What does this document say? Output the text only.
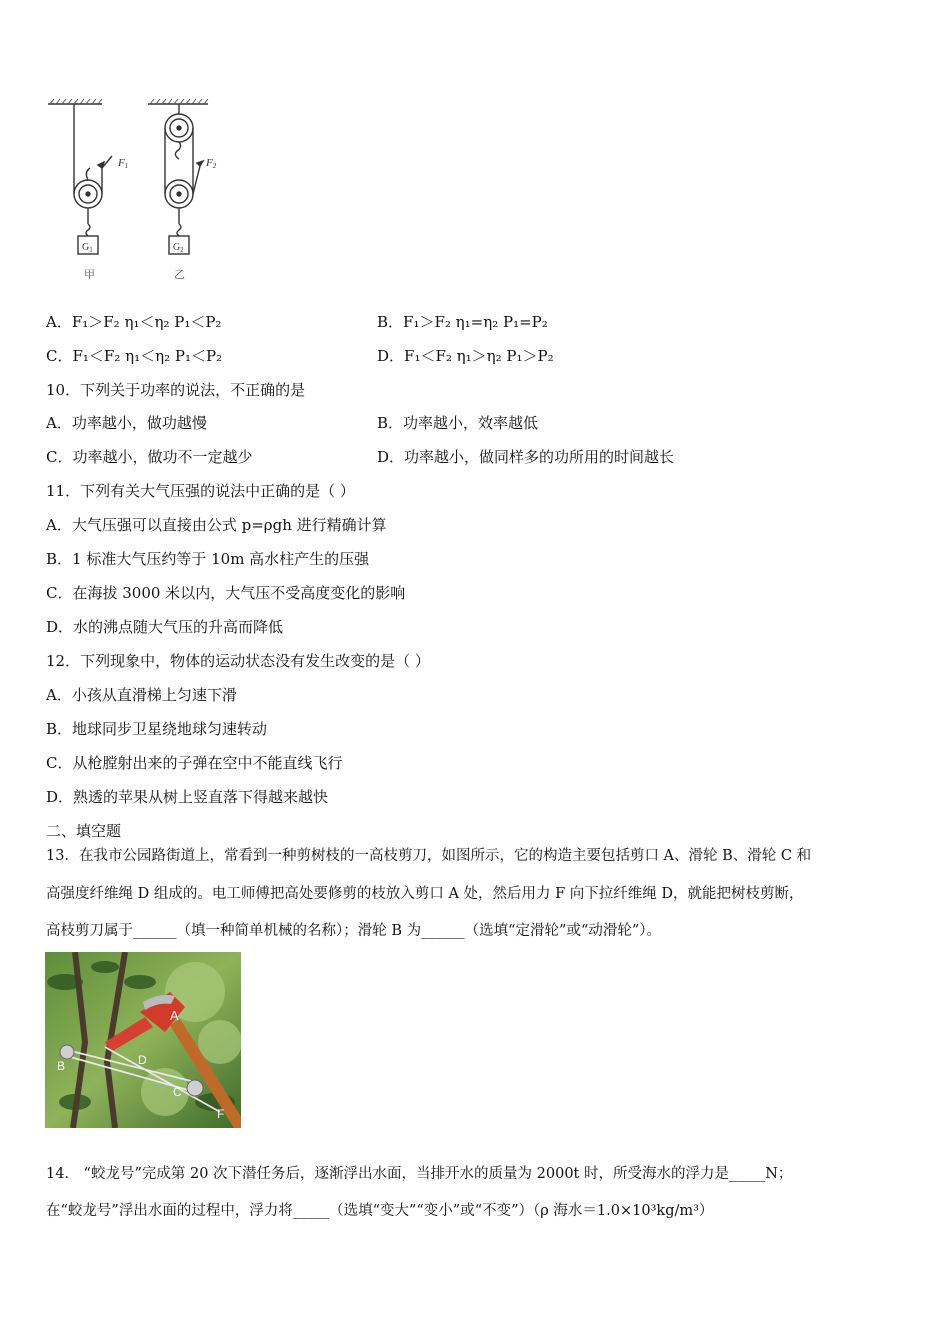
$G_1$
F1
甲
$G_2$
F2
乙
A．F₁＞F₂ η₁＜η₂ P₁＜P₂	B．F₁＞F₂ η₁=η₂ P₁=P₂
C．F₁＜F₂ η₁＜η₂ P₁＜P₂	D．F₁＜F₂ η₁＞η₂ P₁＞P₂
10．下列关于功率的说法，不正确的是
A．功率越小，做功越慢	B．功率越小，效率越低
C．功率越小，做功不一定越少	D．功率越小，做同样多的功所用的时间越长
11．下列有关大气压强的说法中正确的是（ ）
A．大气压强可以直接由公式 p=ρgh 进行精确计算
B．1 标准大气压约等于 10m 高水柱产生的压强
C．在海拔 3000 米以内，大气压不受高度变化的影响
D．水的沸点随大气压的升高而降低
12．下列现象中，物体的运动状态没有发生改变的是（ ）
A．小孩从直滑梯上匀速下滑
B．地球同步卫星绕地球匀速转动
C．从枪膛射出来的子弹在空中不能直线飞行
D．熟透的苹果从树上竖直落下得越来越快
二、填空题
13．在我市公园路街道上，常看到一种剪树枝的一高枝剪刀，如图所示，它的构造主要包括剪口 A、滑轮 B、滑轮 C 和
高强度纤维绳 D 组成的。电工师傅把高处要修剪的枝放入剪口 A 处，然后用力 F 向下拉纤维绳 D，就能把树枝剪断，
高枝剪刀属于______（填一种简单机械的名称）；滑轮 B 为______（选填“定滑轮”或“动滑轮”）。
A
B	D
C
F
14． “蛟龙号”完成第 20 次下潜任务后，逐渐浮出水面，当排开水的质量为 2000t 时，所受海水的浮力是_____N；
在“蛟龙号”浮出水面的过程中，浮力将_____（选填“变大”“变小”或“不变”）（ρ 海水＝1.0×10³kg/m³）
